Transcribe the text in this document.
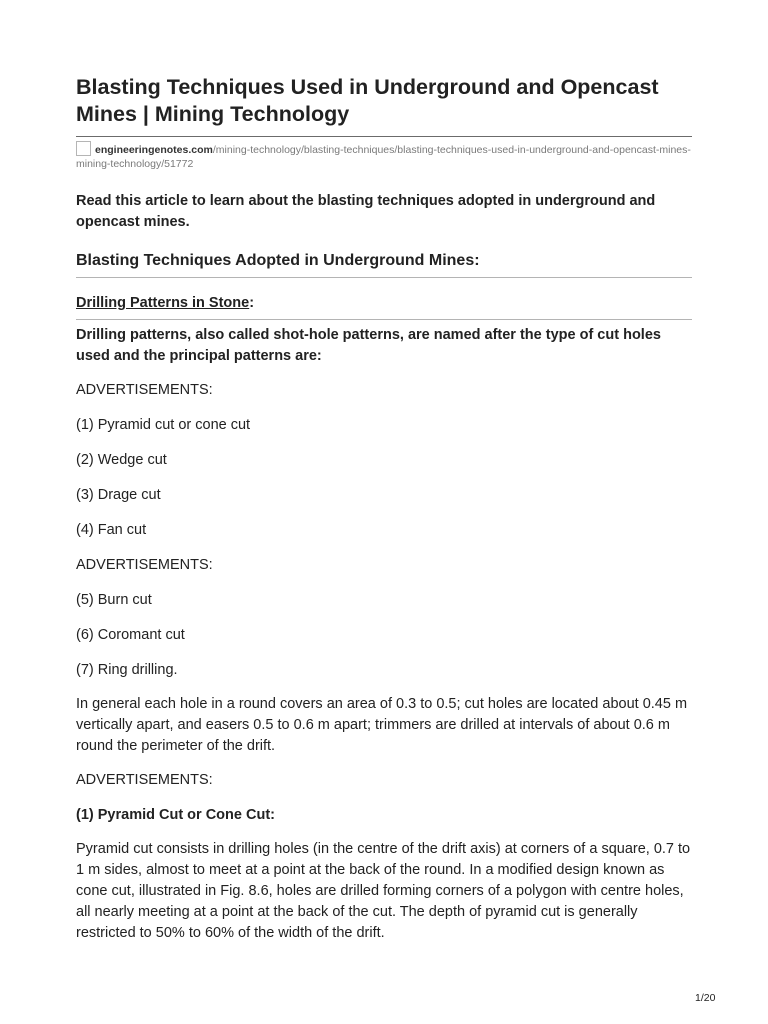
Blasting Techniques Used in Underground and Opencast Mines | Mining Technology
engineeringenotes.com/mining-technology/blasting-techniques/blasting-techniques-used-in-underground-and-opencast-mines-mining-technology/51772
Read this article to learn about the blasting techniques adopted in underground and opencast mines.
Blasting Techniques Adopted in Underground Mines:
Drilling Patterns in Stone:
Drilling patterns, also called shot-hole patterns, are named after the type of cut holes used and the principal patterns are:

ADVERTISEMENTS:

(1) Pyramid cut or cone cut

(2) Wedge cut

(3) Drage cut

(4) Fan cut

ADVERTISEMENTS:

(5) Burn cut

(6) Coromant cut

(7) Ring drilling.

In general each hole in a round covers an area of 0.3 to 0.5; cut holes are located about 0.45 m vertically apart, and easers 0.5 to 0.6 m apart; trimmers are drilled at intervals of about 0.6 m round the perimeter of the drift.

ADVERTISEMENTS:

(1) Pyramid Cut or Cone Cut:

Pyramid cut consists in drilling holes (in the centre of the drift axis) at corners of a square, 0.7 to 1 m sides, almost to meet at a point at the back of the round. In a modified design known as cone cut, illustrated in Fig. 8.6, holes are drilled forming corners of a polygon with centre holes, all nearly meeting at a point at the back of the cut. The depth of pyramid cut is generally restricted to 50% to 60% of the width of the drift.

1/20
